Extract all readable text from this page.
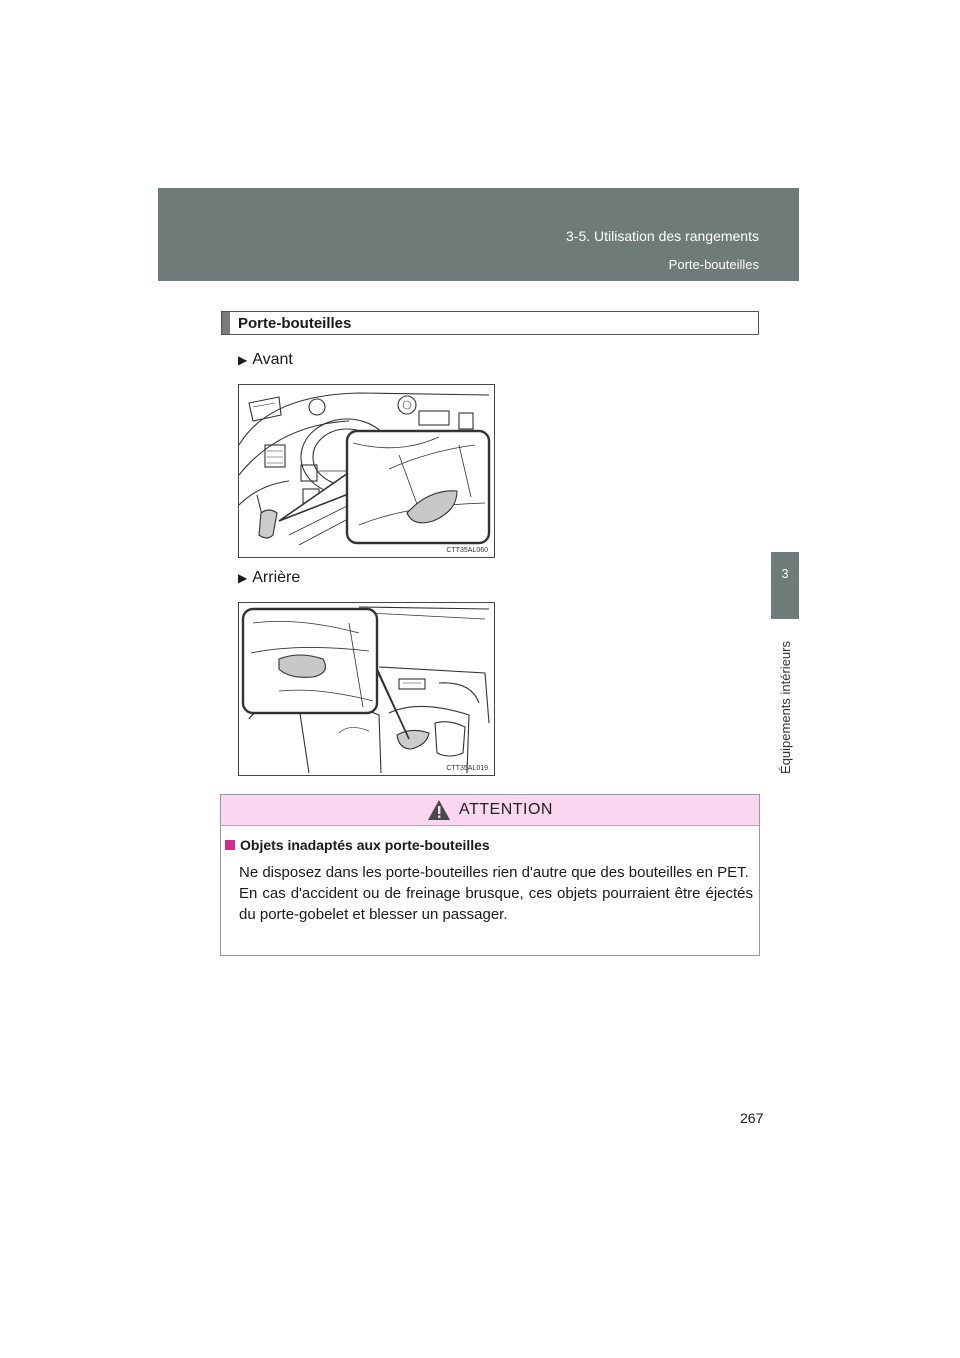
3-5. Utilisation des rangements
Porte-bouteilles
3
Équipements intérieurs
Porte-bouteilles
▶ Avant
CTT35AL060
▶ Arrière
CTT35AL019
ATTENTION
Objets inadaptés aux porte-bouteilles

Ne disposez dans les porte-bouteilles rien d'autre que des bouteilles en PET.

En cas d'accident ou de freinage brusque, ces objets pourraient être éjectés du porte-gobelet et blesser un passager.

267
